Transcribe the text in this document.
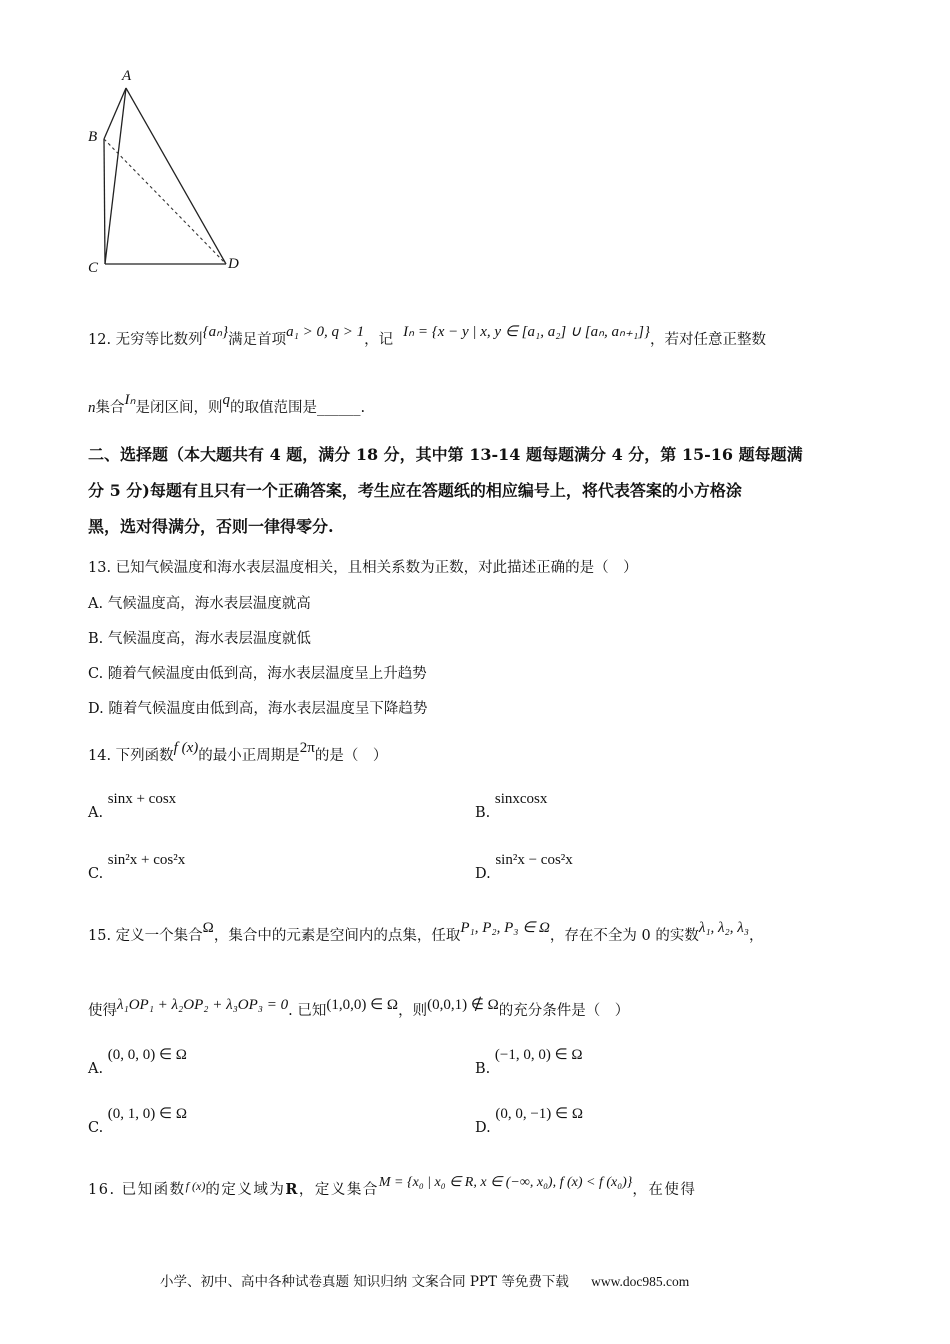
A
B
C	D
12. 无穷等比数列{aₙ}满足首项a₁ > 0, q > 1，记 Iₙ = {x − y | x, y ∈ [a₁, a₂] ∪ [aₙ, aₙ₊₁]}，若对任意正整数
n集合Iₙ是闭区间，则q的取值范围是______.
二、选择题（本大题共有 4 题，满分 18 分，其中第 13-14 题每题满分 4 分，第 15-16 题每题满
分 5 分)每题有且只有一个正确答案，考生应在答题纸的相应编号上，将代表答案的小方格涂
黑，选对得满分，否则一律得零分.
13. 已知气候温度和海水表层温度相关，且相关系数为正数，对此描述正确的是（　）
A. 气候温度高，海水表层温度就高
B. 气候温度高，海水表层温度就低
C. 随着气候温度由低到高，海水表层温度呈上升趋势
D. 随着气候温度由低到高，海水表层温度呈下降趋势
14. 下列函数f (x)的最小正周期是2π的是（　）
A. sinx + cosx
B. sinxcosx
C. sin²x + cos²x
D. sin²x − cos²x
15. 定义一个集合Ω，集合中的元素是空间内的点集，任取P₁, P₂, P₃ ∈ Ω，存在不全为 0 的实数λ₁, λ₂, λ₃，
使得λ₁OP₁ + λ₂OP₂ + λ₃OP₃ = 0. 已知(1,0,0) ∈ Ω，则(0,0,1) ∉ Ω的充分条件是（　）
A. (0, 0, 0) ∈ Ω
B. (−1, 0, 0) ∈ Ω
C. (0, 1, 0) ∈ Ω
D. (0, 0, −1) ∈ Ω
16. 已知函数$^{f (x)}$的定义域为R，定义集合M = {x₀ | x₀ ∈ R, x ∈ (−∞, x₀), f (x) < f (x₀)}，在使得
小学、初中、高中各种试卷真题 知识归纳 文案合同 PPT 等免费下载 www.doc985.com
